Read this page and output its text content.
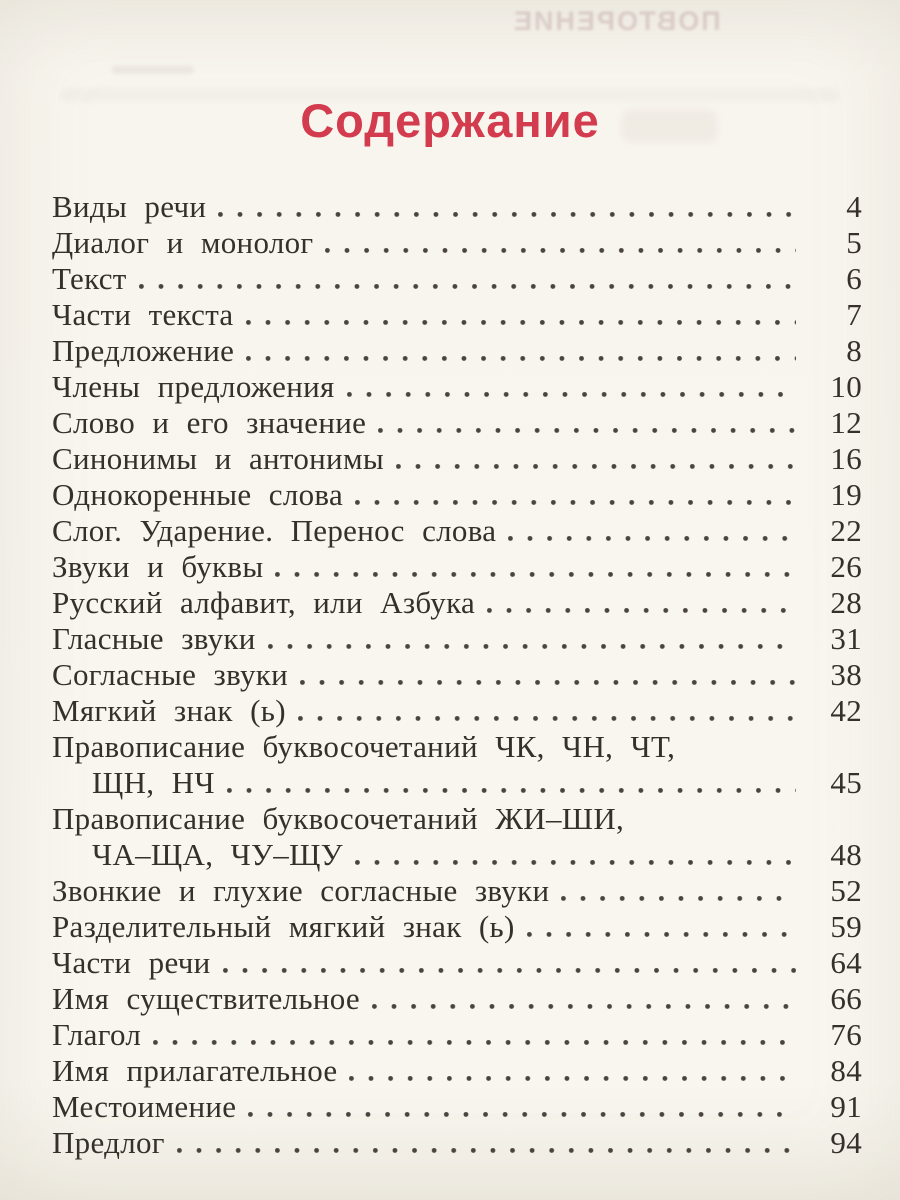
ПОВТОРЕНИЕ
Содержание
Виды речи	4
Диалог и монолог	5
Текст	6
Части текста	7
Предложение	8
Члены предложения	10
Слово и его значение	12
Синонимы и антонимы	16
Однокоренные слова	19
Слог. Ударение. Перенос слова	22
Звуки и буквы	26
Русский алфавит, или Азбука	28
Гласные звуки	31
Согласные звуки	38
Мягкий знак (ь)	42
Правописание буквосочетаний ЧК, ЧН, ЧТ,
ЩН, НЧ	45
Правописание буквосочетаний ЖИ–ШИ,
ЧА–ЩА, ЧУ–ЩУ	48
Звонкие и глухие согласные звуки	52
Разделительный мягкий знак (ь)	59
Части речи	64
Имя существительное	66
Глагол	76
Имя прилагательное	84
Местоимение	91
Предлог	94
